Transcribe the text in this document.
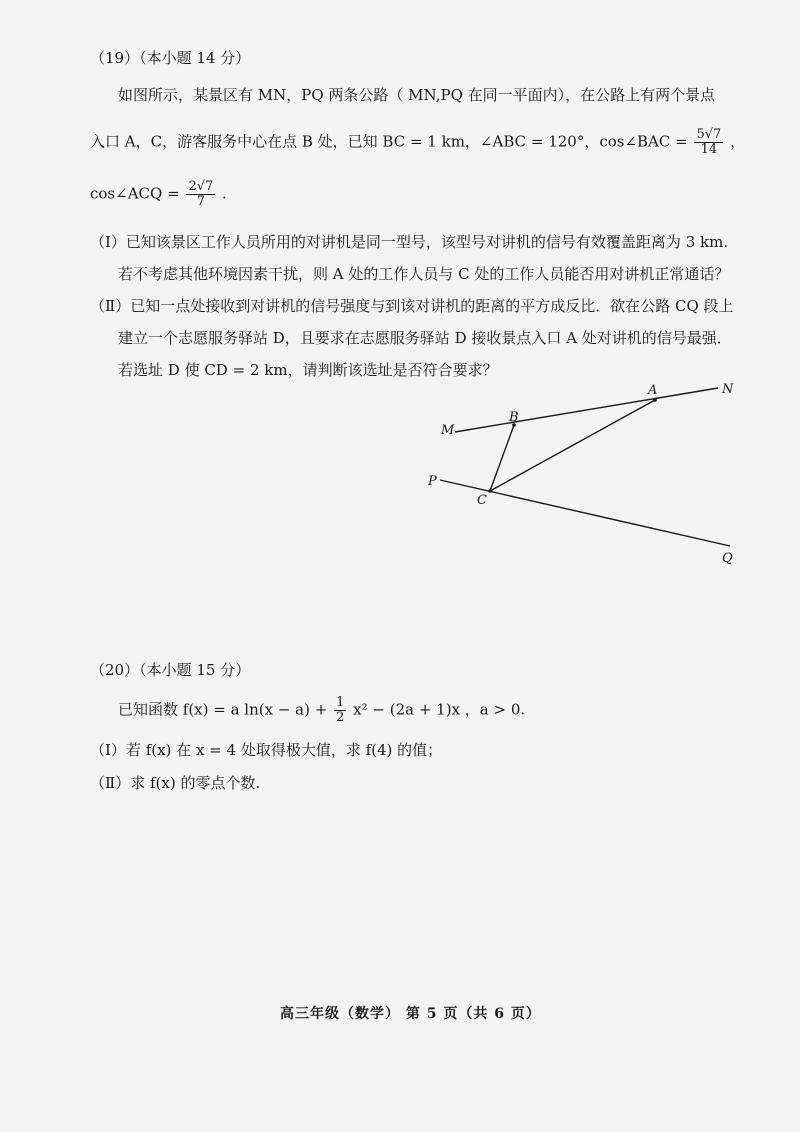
（19）（本小题 14 分）
如图所示，某景区有 MN，PQ 两条公路（ MN,PQ 在同一平面内），在公路上有两个景点
入口 A，C，游客服务中心在点 B 处，已知 BC = 1 km，∠ABC = 120°，cos∠BAC = $\frac{5√7}{14}$ ，
cos∠ACQ = $\frac{2√7}{7}$ .
（Ⅰ）已知该景区工作人员所用的对讲机是同一型号，该型号对讲机的信号有效覆盖距离为 3 km.
若不考虑其他环境因素干扰，则 A 处的工作人员与 C 处的工作人员能否用对讲机正常通话？
（Ⅱ）已知一点处接收到对讲机的信号强度与到该对讲机的距离的平方成反比．欲在公路 CQ 段上
建立一个志愿服务驿站 D，且要求在志愿服务驿站 D 接收景点入口 A 处对讲机的信号最强．
若选址 D 使 CD = 2 km，请判断该选址是否符合要求？
M
N
A
B
P
C
Q
（20）（本小题 15 分）
已知函数 f(x) = a $\ln(x - a) + \frac{1}{2} x^2 - (2a + 1)x$ ，a > 0.
（Ⅰ）若 f(x) 在 x = 4 处取得极大值，求 f(4) 的值；
（Ⅱ）求 f(x) 的零点个数.
高三年级（数学） 第 5 页（共 6 页）
